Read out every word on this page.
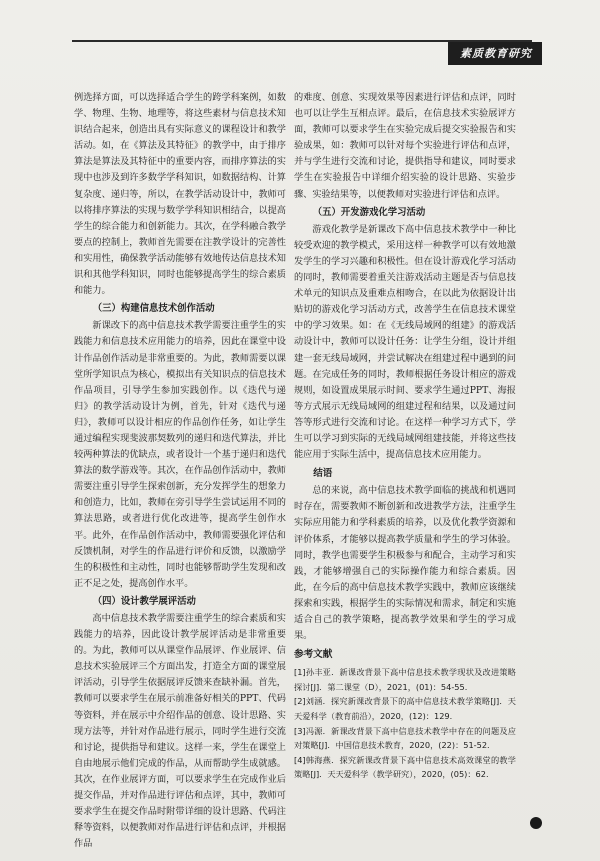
素质教育研究

例选择方面，可以选择适合学生的跨学科案例，如数学、物理、生物、地理等，将这些素材与信息技术知识结合起来，创造出具有实际意义的课程设计和教学活动。如，在《算法及其特征》的教学中，由于排序算法是算法及其特征中的重要内容，而排序算法的实现中也涉及到许多数学学科知识，如数据结构、计算复杂度、递归等，所以，在教学活动设计中，教师可以将排序算法的实现与数学学科知识相结合，以提高学生的综合能力和创新能力。其次，在学科融合教学要点的控制上，教师首先需要在注教学设计的完善性和实用性，确保教学活动能够有效地传达信息技术知识和其他学科知识，同时也能够提高学生的综合素质和能力。

（三）构建信息技术创作活动

新课改下的高中信息技术教学需要注重学生的实践能力和信息技术应用能力的培养，因此在课堂中设计作品创作活动是非常重要的。为此，教师需要以课堂所学知识点为核心，模拟出有关知识点的信息技术作品项目，引导学生参加实践创作。以《迭代与递归》的教学活动设计为例，首先，针对《迭代与递归》，教师可以设计相应的作品创作任务，如让学生通过编程实现斐波那契数列的递归和迭代算法，并比较两种算法的优缺点，或者设计一个基于递归和迭代算法的数学游戏等。其次，在作品创作活动中，教师需要注重引导学生探索创新，充分发挥学生的想象力和创造力，比如，教师在旁引导学生尝试运用不同的算法思路，或者进行优化改进等，提高学生创作水平。此外，在作品创作活动中，教师需要强化评估和反馈机制，对学生的作品进行评价和反馈，以激励学生的积极性和主动性，同时也能够帮助学生发现和改正不足之处，提高创作水平。

（四）设计教学展评活动

高中信息技术教学需要注重学生的综合素质和实践能力的培养，因此设计教学展评活动是非常重要的。为此，教师可以从课堂作品展评、作业展评、信息技术实验展评三个方面出发，打造全方面的课堂展评活动，引导学生依据展评反馈来查缺补漏。首先，教师可以要求学生在展示前准备好相关的PPT、代码等资料，并在展示中介绍作品的创意、设计思路、实现方法等，并针对作品进行展示，同时学生进行交流和讨论，提供指导和建议。这样一来，学生在课堂上自由地展示他们完成的作品，从而帮助学生成就感。其次，在作业展评方面，可以要求学生在完成作业后提交作品，并对作品进行评估和点评，其中，教师可要求学生在提交作品时附带详细的设计思路、代码注释等资料，以便教师对作品进行评估和点评，并根据作品

的难度、创意、实现效果等因素进行评估和点评，同时也可以让学生互相点评。最后，在信息技术实验展评方面，教师可以要求学生在实验完成后提交实验报告和实验成果，如：教师可以针对每个实验进行评估和点评，并与学生进行交流和讨论，提供指导和建议，同时要求学生在实验报告中详细介绍实验的设计思路、实验步骤、实验结果等，以便教师对实验进行评估和点评。

（五）开发游戏化学习活动

游戏化教学是新课改下高中信息技术教学中一种比较受欢迎的教学模式，采用这样一种教学可以有效地激发学生的学习兴趣和积极性。但在设计游戏化学习活动的同时，教师需要着重关注游戏活动主题是否与信息技术单元的知识点及重难点相吻合，在以此为依据设计出贴切的游戏化学习活动方式，改善学生在信息技术课堂中的学习效果。如：在《无线局域网的组建》的游戏活动设计中，教师可以设计任务：让学生分组，设计并组建一套无线局域网，并尝试解决在组建过程中遇到的问题。在完成任务的同时，教师根据任务设计相应的游戏规则，如设置成果展示时间、要求学生通过PPT、海报等方式展示无线局域网的组建过程和结果，以及通过问答等形式进行交流和讨论。在这样一种学习方式下，学生可以学习到实际的无线局域网组建技能，并将这些技能应用于实际生活中，提高信息技术应用能力。

结语

总的来说，高中信息技术教学面临的挑战和机遇同时存在，需要教师不断创新和改进教学方法，注重学生实际应用能力和学科素质的培养，以及优化教学资源和评价体系，才能够以提高教学质量和学生的学习体验。同时，教学也需要学生积极参与和配合，主动学习和实践，才能够增强自己的实际操作能力和综合素质。因此，在今后的高中信息技术教学实践中，教师应该继续探索和实践，根据学生的实际情况和需求，制定和实施适合自己的教学策略，提高教学效果和学生的学习成果。

参考文献
[1]孙丰亚．新课改背景下高中信息技术教学现状及改进策略探讨[J]．第二课堂（D），2021，(01)：54-55.
[2]刘涵．探究新课改背景下的高中信息技术教学策略[J]．天天爱科学（教育前沿），2020，(12)：129.
[3]冯源．新课改背景下高中信息技术教学中存在的问题及应对策略[J]．中国信息技术教育，2020，(22)：51-52.
[4]韩海燕．探究新课改背景下高中信息技术高效课堂的教学策略[J]．天天爱科学（教学研究），2020，(05)：62.
